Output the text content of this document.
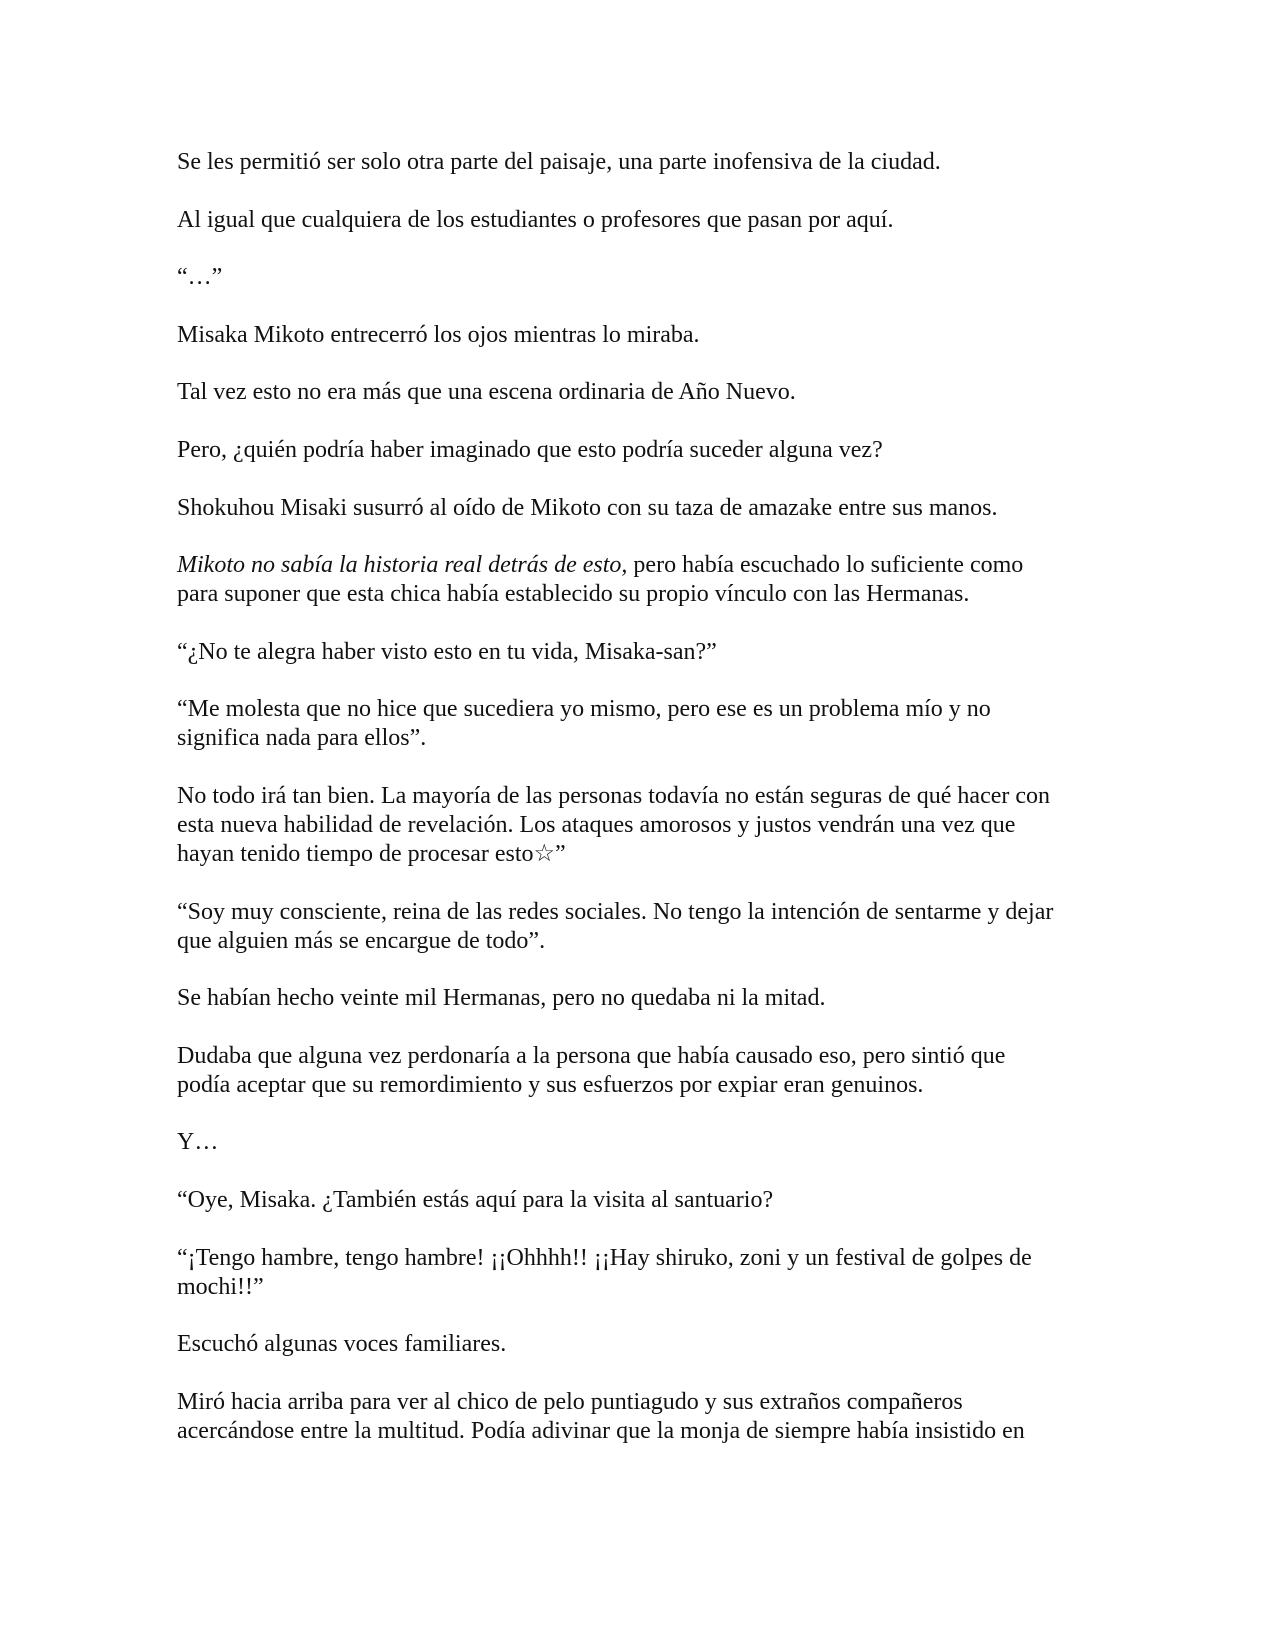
Se les permitió ser solo otra parte del paisaje, una parte inofensiva de la ciudad.
Al igual que cualquiera de los estudiantes o profesores que pasan por aquí.
“…”
Misaka Mikoto entrecerró los ojos mientras lo miraba.
Tal vez esto no era más que una escena ordinaria de Año Nuevo.
Pero, ¿quién podría haber imaginado que esto podría suceder alguna vez?
Shokuhou Misaki susurró al oído de Mikoto con su taza de amazake entre sus manos.
Mikoto no sabía la historia real detrás de esto, pero había escuchado lo suficiente como
para suponer que esta chica había establecido su propio vínculo con las Hermanas.
“¿No te alegra haber visto esto en tu vida, Misaka-san?”
“Me molesta que no hice que sucediera yo mismo, pero ese es un problema mío y no
significa nada para ellos”.
No todo irá tan bien. La mayoría de las personas todavía no están seguras de qué hacer con
esta nueva habilidad de revelación. Los ataques amorosos y justos vendrán una vez que
hayan tenido tiempo de procesar esto☆”
“Soy muy consciente, reina de las redes sociales. No tengo la intención de sentarme y dejar
que alguien más se encargue de todo”.
Se habían hecho veinte mil Hermanas, pero no quedaba ni la mitad.
Dudaba que alguna vez perdonaría a la persona que había causado eso, pero sintió que
podía aceptar que su remordimiento y sus esfuerzos por expiar eran genuinos.
Y…
“Oye, Misaka. ¿También estás aquí para la visita al santuario?
“¡Tengo hambre, tengo hambre! ¡¡Ohhhh!! ¡¡Hay shiruko, zoni y un festival de golpes de
mochi!!”
Escuchó algunas voces familiares.
Miró hacia arriba para ver al chico de pelo puntiagudo y sus extraños compañeros
acercándose entre la multitud. Podía adivinar que la monja de siempre había insistido en
